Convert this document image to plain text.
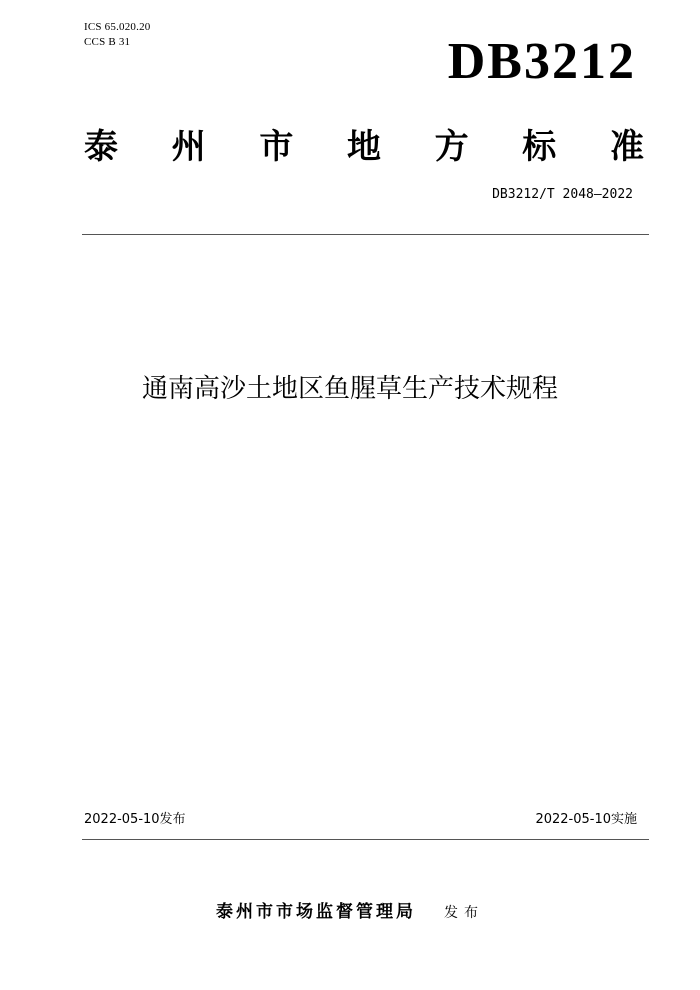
ICS 65.020.20
CCS B 31	DB3212
泰 州 市 地 方 标 准
DB3212/T 2048—2022
通南高沙土地区鱼腥草生产技术规程
2022-05-10发布	2022-05-10实施
泰州市市场监督管理局 发布
